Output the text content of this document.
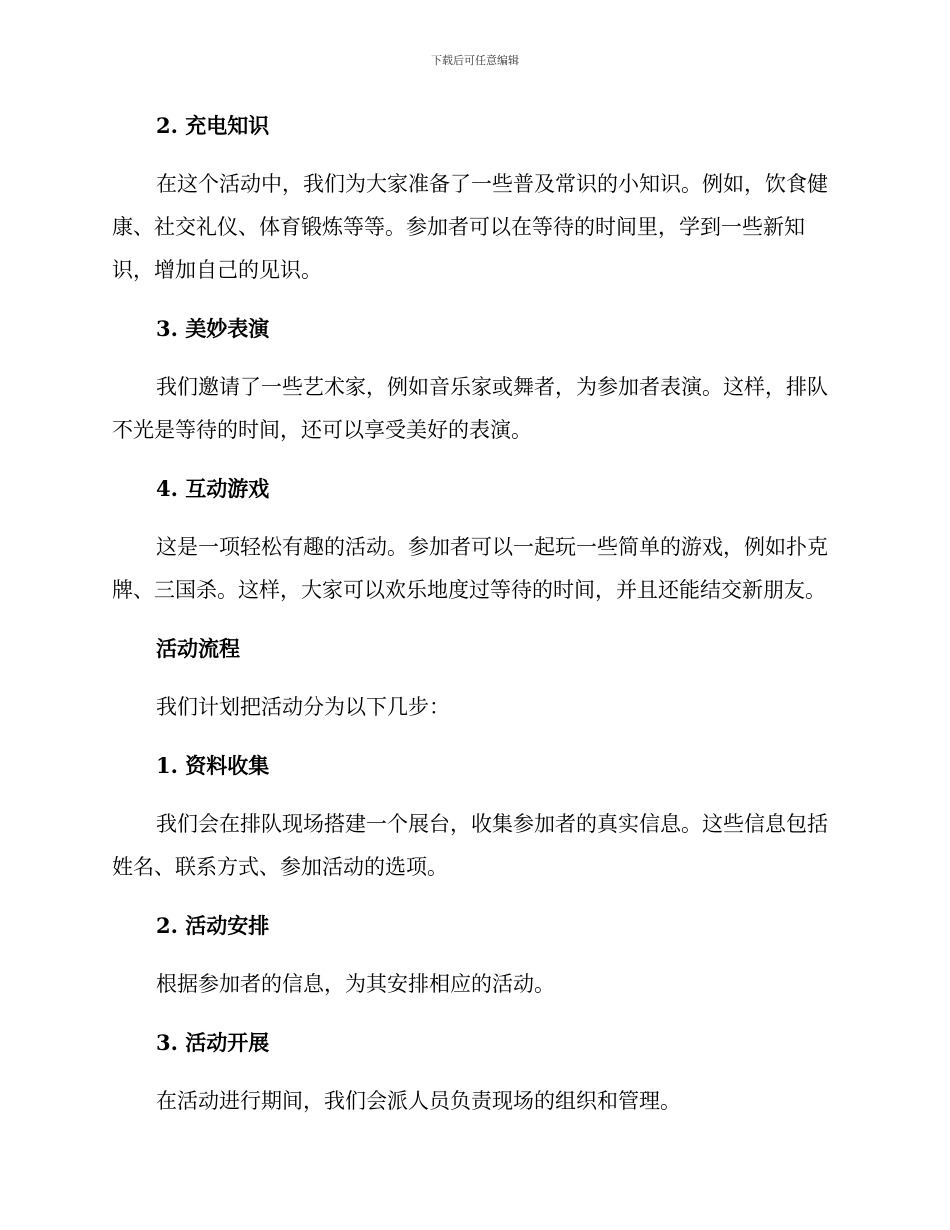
下载后可任意编辑
2. 充电知识

在这个活动中，我们为大家准备了一些普及常识的小知识。例如，饮食健康、社交礼仪、体育锻炼等等。参加者可以在等待的时间里，学到一些新知识，增加自己的见识。

3. 美妙表演

我们邀请了一些艺术家，例如音乐家或舞者，为参加者表演。这样，排队不光是等待的时间，还可以享受美好的表演。

4. 互动游戏

这是一项轻松有趣的活动。参加者可以一起玩一些简单的游戏，例如扑克牌、三国杀。这样，大家可以欢乐地度过等待的时间，并且还能结交新朋友。

活动流程

我们计划把活动分为以下几步：

1. 资料收集

我们会在排队现场搭建一个展台，收集参加者的真实信息。这些信息包括姓名、联系方式、参加活动的选项。

2. 活动安排

根据参加者的信息，为其安排相应的活动。

3. 活动开展

在活动进行期间，我们会派人员负责现场的组织和管理。
